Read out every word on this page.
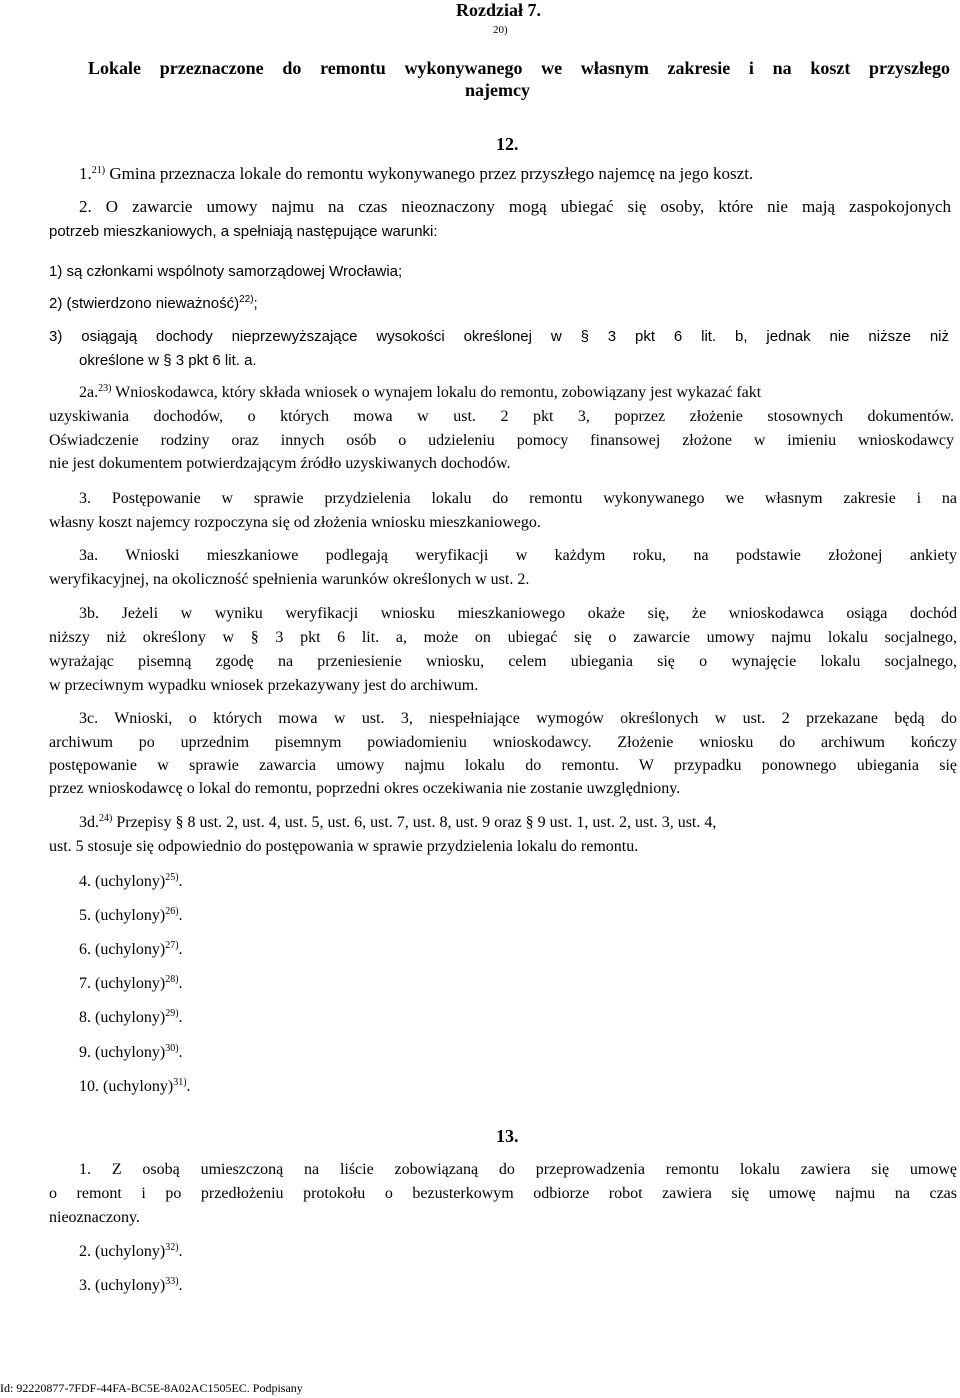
Rozdział 7.
20)
Lokale przeznaczone do remontu wykonywanego we własnym zakresie i na koszt przyszłego
najemcy
12.
1.$^{21)}$ Gmina przeznacza lokale do remontu wykonywanego przez przyszłego najemcę na jego koszt.
2. O zawarcie umowy najmu na czas nieoznaczony mogą ubiegać się osoby, które nie mają zaspokojonych
potrzeb mieszkaniowych, a spełniają następujące warunki:
1) są członkami wspólnoty samorządowej Wrocławia;
2) (stwierdzono nieważność)$^{22)}$;
3) osiągają dochody nieprzewyższające wysokości określonej w § 3 pkt 6 lit. b, jednak nie niższe niż
określone w § 3 pkt 6 lit. a.
2a.$^{23)}$ Wnioskodawca, który składa wniosek o wynajem lokalu do remontu, zobowiązany jest wykazać fakt
uzyskiwania dochodów, o których mowa w ust. 2 pkt 3, poprzez złożenie stosownych dokumentów.
Oświadczenie rodziny oraz innych osób o udzieleniu pomocy finansowej złożone w imieniu wnioskodawcy
nie jest dokumentem potwierdzającym źródło uzyskiwanych dochodów.
3. Postępowanie w sprawie przydzielenia lokalu do remontu wykonywanego we własnym zakresie i na
własny koszt najemcy rozpoczyna się od złożenia wniosku mieszkaniowego.
3a. Wnioski mieszkaniowe podlegają weryfikacji w każdym roku, na podstawie złożonej ankiety
weryfikacyjnej, na okoliczność spełnienia warunków określonych w ust. 2.
3b. Jeżeli w wyniku weryfikacji wniosku mieszkaniowego okaże się, że wnioskodawca osiąga dochód
niższy niż określony w § 3 pkt 6 lit. a, może on ubiegać się o zawarcie umowy najmu lokalu socjalnego,
wyrażając pisemną zgodę na przeniesienie wniosku, celem ubiegania się o wynajęcie lokalu socjalnego,
w przeciwnym wypadku wniosek przekazywany jest do archiwum.
3c. Wnioski, o których mowa w ust. 3, niespełniające wymogów określonych w ust. 2 przekazane będą do
archiwum po uprzednim pisemnym powiadomieniu wnioskodawcy. Złożenie wniosku do archiwum kończy
postępowanie w sprawie zawarcia umowy najmu lokalu do remontu. W przypadku ponownego ubiegania się
przez wnioskodawcę o lokal do remontu, poprzedni okres oczekiwania nie zostanie uwzględniony.
3d.$^{24)}$ Przepisy § 8 ust. 2, ust. 4, ust. 5, ust. 6, ust. 7, ust. 8, ust. 9 oraz § 9 ust. 1, ust. 2, ust. 3, ust. 4,
ust. 5 stosuje się odpowiednio do postępowania w sprawie przydzielenia lokalu do remontu.
4. (uchylony)$^{25)}$.
5. (uchylony)$^{26)}$.
6. (uchylony)$^{27)}$.
7. (uchylony)$^{28)}$.
8. (uchylony)$^{29)}$.
9. (uchylony)$^{30)}$.
10. (uchylony)$^{31)}$.
13.
1. Z osobą umieszczoną na liście zobowiązaną do przeprowadzenia remontu lokalu zawiera się umowę
o remont i po przedłożeniu protokołu o bezusterkowym odbiorze robot zawiera się umowę najmu na czas
nieoznaczony.
2. (uchylony)$^{32)}$.
3. (uchylony)$^{33)}$.
Id: 92220877-7FDF-44FA-BC5E-8A02AC1505EC. Podpisany
